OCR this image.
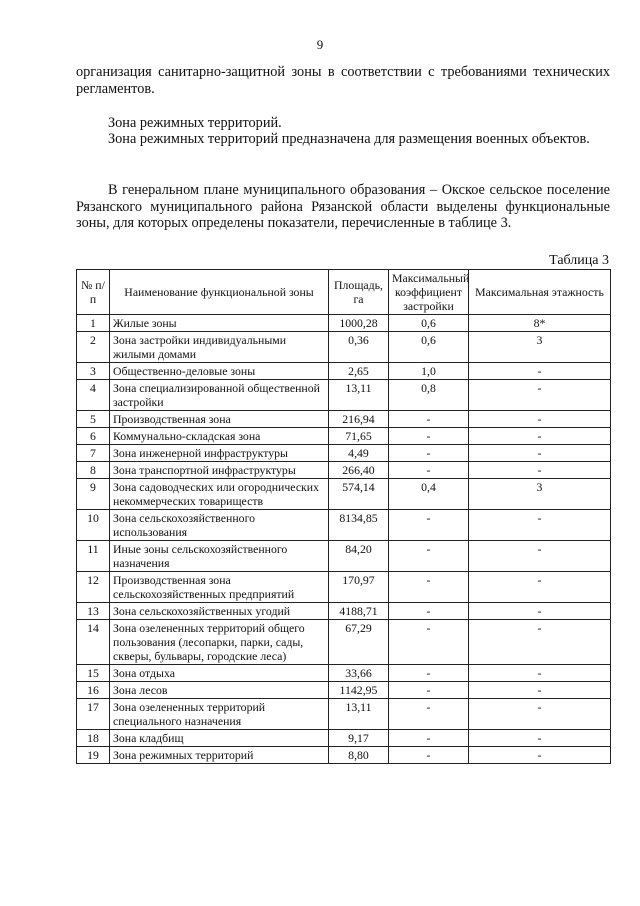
9

организация санитарно-защитной зоны в соответствии с требованиями технических регламентов.

Зона режимных территорий.

Зона режимных территорий предназначена для размещения военных объектов.

В генеральном плане муниципального образования – Окское сельское поселение Рязанского муниципального района Рязанской области выделены функциональные зоны, для которых определены показатели, перечисленные в таблице 3.

Таблица 3
№ п/п	Наименование функциональной зоны	Площадь, га	Максимальный коэффициент застройки	Максимальная этажность
1	Жилые зоны	1000,28	0,6	8*
2	Зона застройки индивидуальными жилыми домами	0,36	0,6	3
3	Общественно-деловые зоны	2,65	1,0	-
4	Зона специализированной общественной застройки	13,11	0,8	-
5	Производственная зона	216,94	-	-
6	Коммунально-складская зона	71,65	-	-
7	Зона инженерной инфраструктуры	4,49	-	-
8	Зона транспортной инфраструктуры	266,40	-	-
9	Зона садоводческих или огороднических некоммерческих товариществ	574,14	0,4	3
10	Зона сельскохозяйственного использования	8134,85	-	-
11	Иные зоны сельскохозяйственного назначения	84,20	-	-
12	Производственная зона сельскохозяйственных предприятий	170,97	-	-
13	Зона сельскохозяйственных угодий	4188,71	-	-
14	Зона озелененных территорий общего пользования (лесопарки, парки, сады, скверы, бульвары, городские леса)	67,29	-	-
15	Зона отдыха	33,66	-	-
16	Зона лесов	1142,95	-	-
17	Зона озелененных территорий специального назначения	13,11	-	-
18	Зона кладбищ	9,17	-	-
19	Зона режимных территорий	8,80	-	-
